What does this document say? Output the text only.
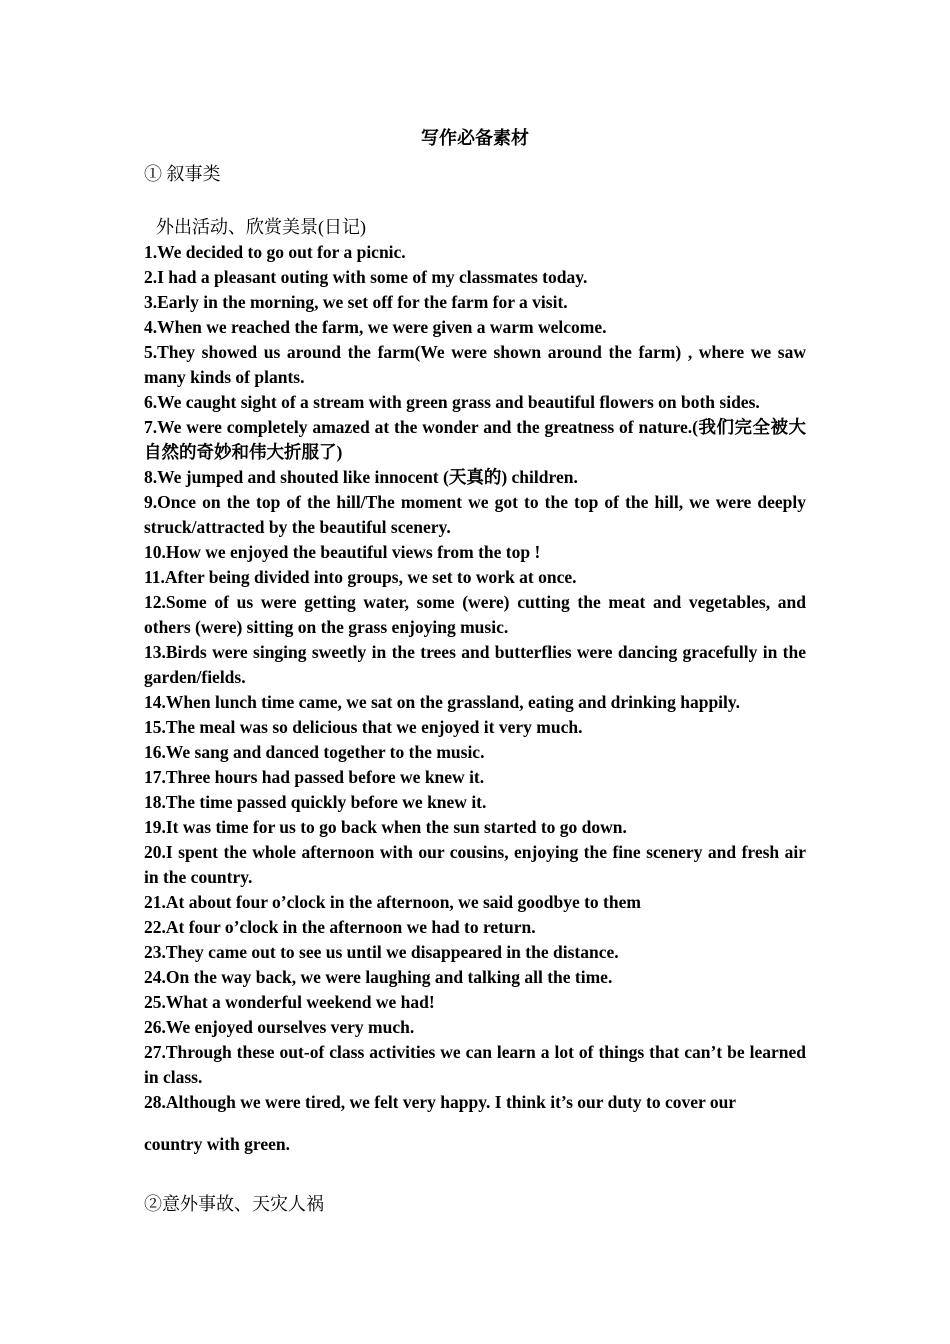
写作必备素材
① 叙事类
外出活动、欣赏美景(日记)
1.We decided to go out for a picnic.
2.I had a pleasant outing with some of my classmates today.
3.Early in the morning, we set off for the farm for a visit.
4.When we reached the farm, we were given a warm welcome.
5.They showed us around the farm(We were shown around the farm) , where we saw many kinds of plants.
6.We caught sight of a stream with green grass and beautiful flowers on both sides.
7.We were completely amazed at the wonder and the greatness of nature.(我们完全被大自然的奇妙和伟大折服了)
8.We jumped and shouted like innocent (天真的) children.
9.Once on the top of the hill/The moment we got to the top of the hill, we were deeply struck/attracted by the beautiful scenery.
10.How we enjoyed the beautiful views from the top !
11.After being divided into groups, we set to work at once.
12.Some of us were getting water, some (were) cutting the meat and vegetables, and others (were) sitting on the grass enjoying music.
13.Birds were singing sweetly in the trees and butterflies were dancing gracefully in the garden/fields.
14.When lunch time came, we sat on the grassland, eating and drinking happily.
15.The meal was so delicious that we enjoyed it very much.
16.We sang and danced together to the music.
17.Three hours had passed before we knew it.
18.The time passed quickly before we knew it.
19.It was time for us to go back when the sun started to go down.
20.I spent the whole afternoon with our cousins, enjoying the fine scenery and fresh air in the country.
21.At about four o’clock in the afternoon, we said goodbye to them
22.At four o’clock in the afternoon we had to return.
23.They came out to see us until we disappeared in the distance.
24.On the way back, we were laughing and talking all the time.
25.What a wonderful weekend we had!
26.We enjoyed ourselves very much.
27.Through these out-of class activities we can learn a lot of things that can’t be learned in class.
28.Although we were tired, we felt very happy. I think it’s our duty to cover our
country with green.
②意外事故、天灾人祸
